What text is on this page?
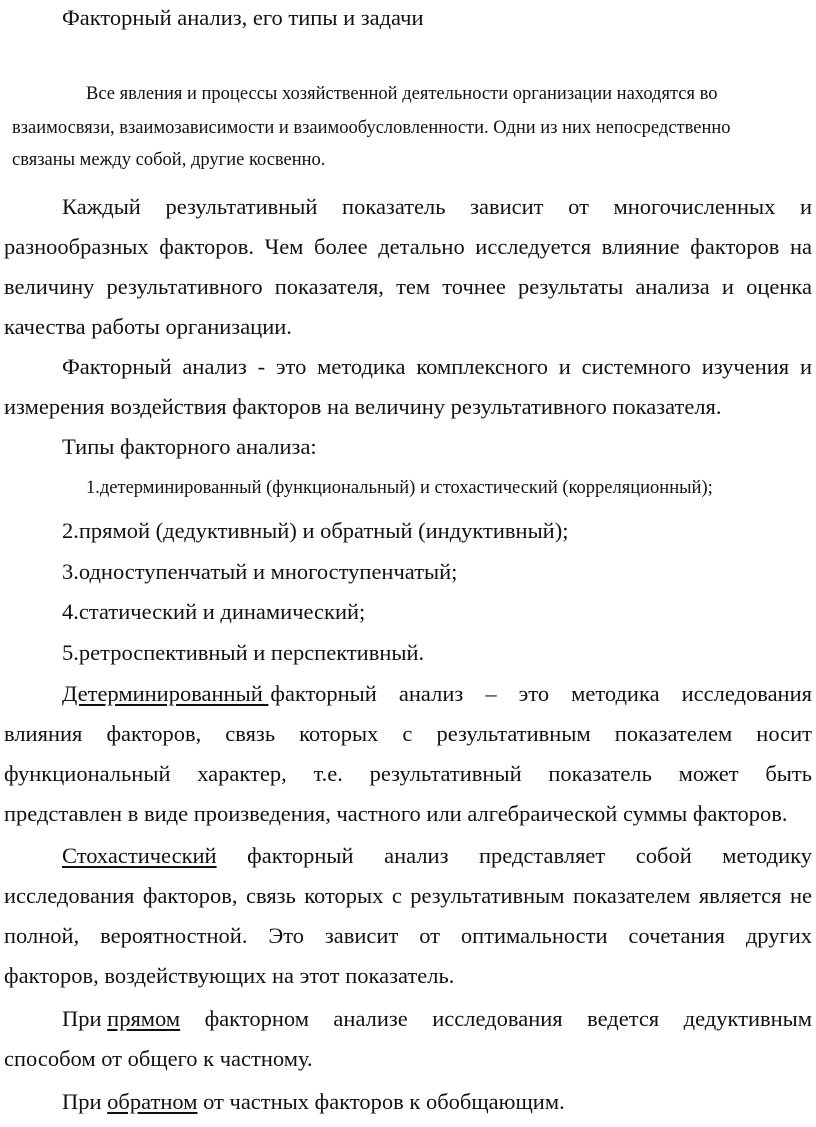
Факторный анализ, его типы и задачи
Все явления и процессы хозяйственной деятельности организации находятся во
взаимосвязи, взаимозависимости и взаимообусловленности. Одни из них непосредственно
связаны между собой, другие косвенно.
Каждый результативный показатель зависит от многочисленных и
разнообразных факторов. Чем более детально исследуется влияние факторов на
величину результативного показателя, тем точнее результаты анализа и оценка
качества работы организации.
Факторный анализ - это методика комплексного и системного изучения и
измерения воздействия факторов на величину результативного показателя.
Типы факторного анализа:
1.детерминированный (функциональный) и стохастический (корреляционный);
2.прямой (дедуктивный) и обратный (индуктивный);
3.одноступенчатый и многоступенчатый;
4.статический и динамический;
5.ретроспективный и перспективный.
Детерминированный факторный анализ – это методика исследования
влияния факторов, связь которых с результативным показателем носит
функциональный характер, т.е. результативный показатель может быть
представлен в виде произведения, частного или алгебраической суммы факторов.
Стохастический факторный анализ представляет собой методику
исследования факторов, связь которых с результативным показателем является не
полной, вероятностной. Это зависит от оптимальности сочетания других
факторов, воздействующих на этот показатель.
При прямом факторном анализе исследования ведется дедуктивным
способом от общего к частному.
При обратном от частных факторов к обобщающим.
